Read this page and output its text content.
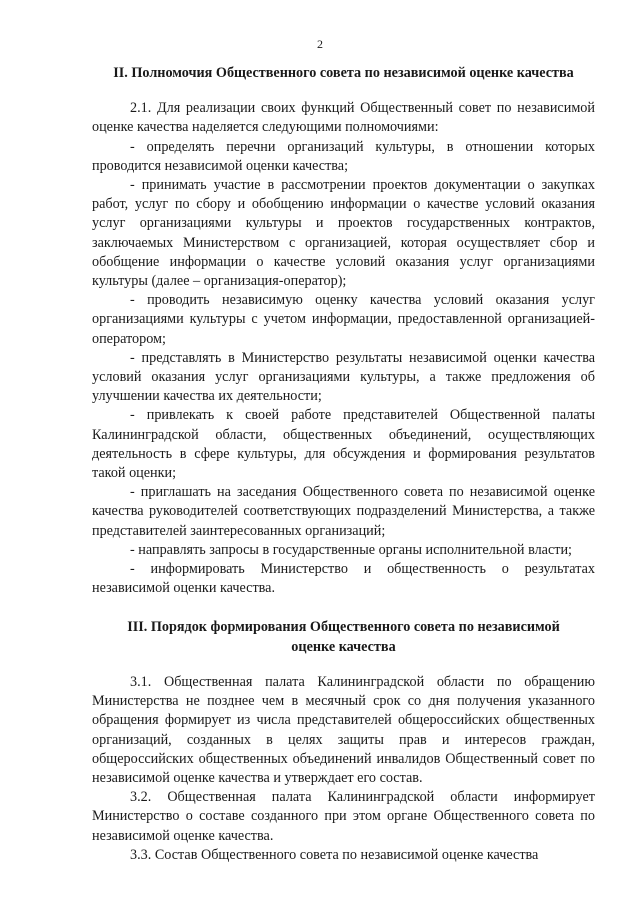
2
II. Полномочия Общественного совета по независимой оценке качества

2.1. Для реализации своих функций Общественный совет по независимой оценке качества наделяется следующими полномочиями:

- определять перечни организаций культуры, в отношении которых проводится независимой оценки качества;

- принимать участие в рассмотрении проектов документации о закупках работ, услуг по сбору и обобщению информации о качестве условий оказания услуг организациями культуры и проектов государственных контрактов, заключаемых Министерством с организацией, которая осуществляет сбор и обобщение информации о качестве условий оказания услуг организациями культуры (далее – организация-оператор);

- проводить независимую оценку качества условий оказания услуг организациями культуры с учетом информации, предоставленной организацией-оператором;

- представлять в Министерство результаты независимой оценки качества условий оказания услуг организациями культуры, а также предложения об улучшении качества их деятельности;

- привлекать к своей работе представителей Общественной палаты Калининградской области, общественных объединений, осуществляющих деятельность в сфере культуры, для обсуждения и формирования результатов такой оценки;

- приглашать на заседания Общественного совета по независимой оценке качества руководителей соответствующих подразделений Министерства, а также представителей заинтересованных организаций;

- направлять запросы в государственные органы исполнительной власти;

- информировать Министерство и общественность о результатах независимой оценки качества.

III. Порядок формирования Общественного совета по независимой
оценке качества

3.1. Общественная палата Калининградской области по обращению Министерства не позднее чем в месячный срок со дня получения указанного обращения формирует из числа представителей общероссийских общественных организаций, созданных в целях защиты прав и интересов граждан, общероссийских общественных объединений инвалидов Общественный совет по независимой оценке качества и утверждает его состав.

3.2. Общественная палата Калининградской области информирует Министерство о составе созданного при этом органе Общественного совета по независимой оценке качества.

3.3. Состав Общественного совета по независимой оценке качества
